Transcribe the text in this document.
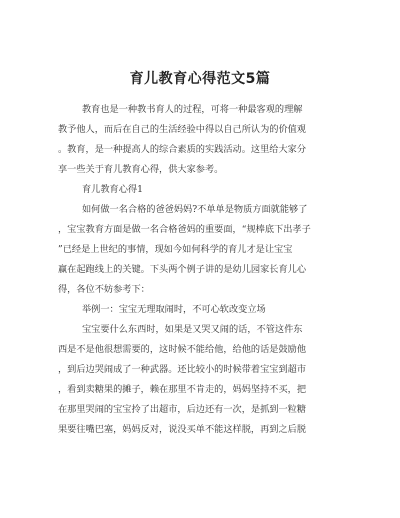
育儿教育心得范文5篇
教育也是一种教书育人的过程，可将一种最客观的理解
教予他人，而后在自己的生活经验中得以自己所认为的价值观
。教育，是一种提高人的综合素质的实践活动。这里给大家分
享一些关于育儿教育心得，供大家参考。
育儿教育心得1
如何做一名合格的爸爸妈妈?不单单是物质方面就能够了
，宝宝教育方面是做一名合格爸妈的重要面，“规棒底下出孝子
”已经是上世纪的事情，现如今如何科学的育儿才是让宝宝
赢在起跑线上的关键。下头两个例子讲的是幼儿园家长育儿心
得，各位不妨参考下：
举例一：宝宝无理取闹时，不可心软改变立场
宝宝要什么东西时，如果是又哭又闹的话，不管这件东
西是不是他很想需要的，这时候不能给他，给他的话是鼓励他
，到后边哭闹成了一种武器。还比较小的时候带着宝宝到超市
，看到卖糖果的摊子，赖在那里不肯走的，妈妈坚持不买，把
在那里哭闹的宝宝拎了出超市，后边还有一次，是抓到一粒糖
果要往嘴巴塞，妈妈反对，说没买单不能这样脱，再到之后脱
